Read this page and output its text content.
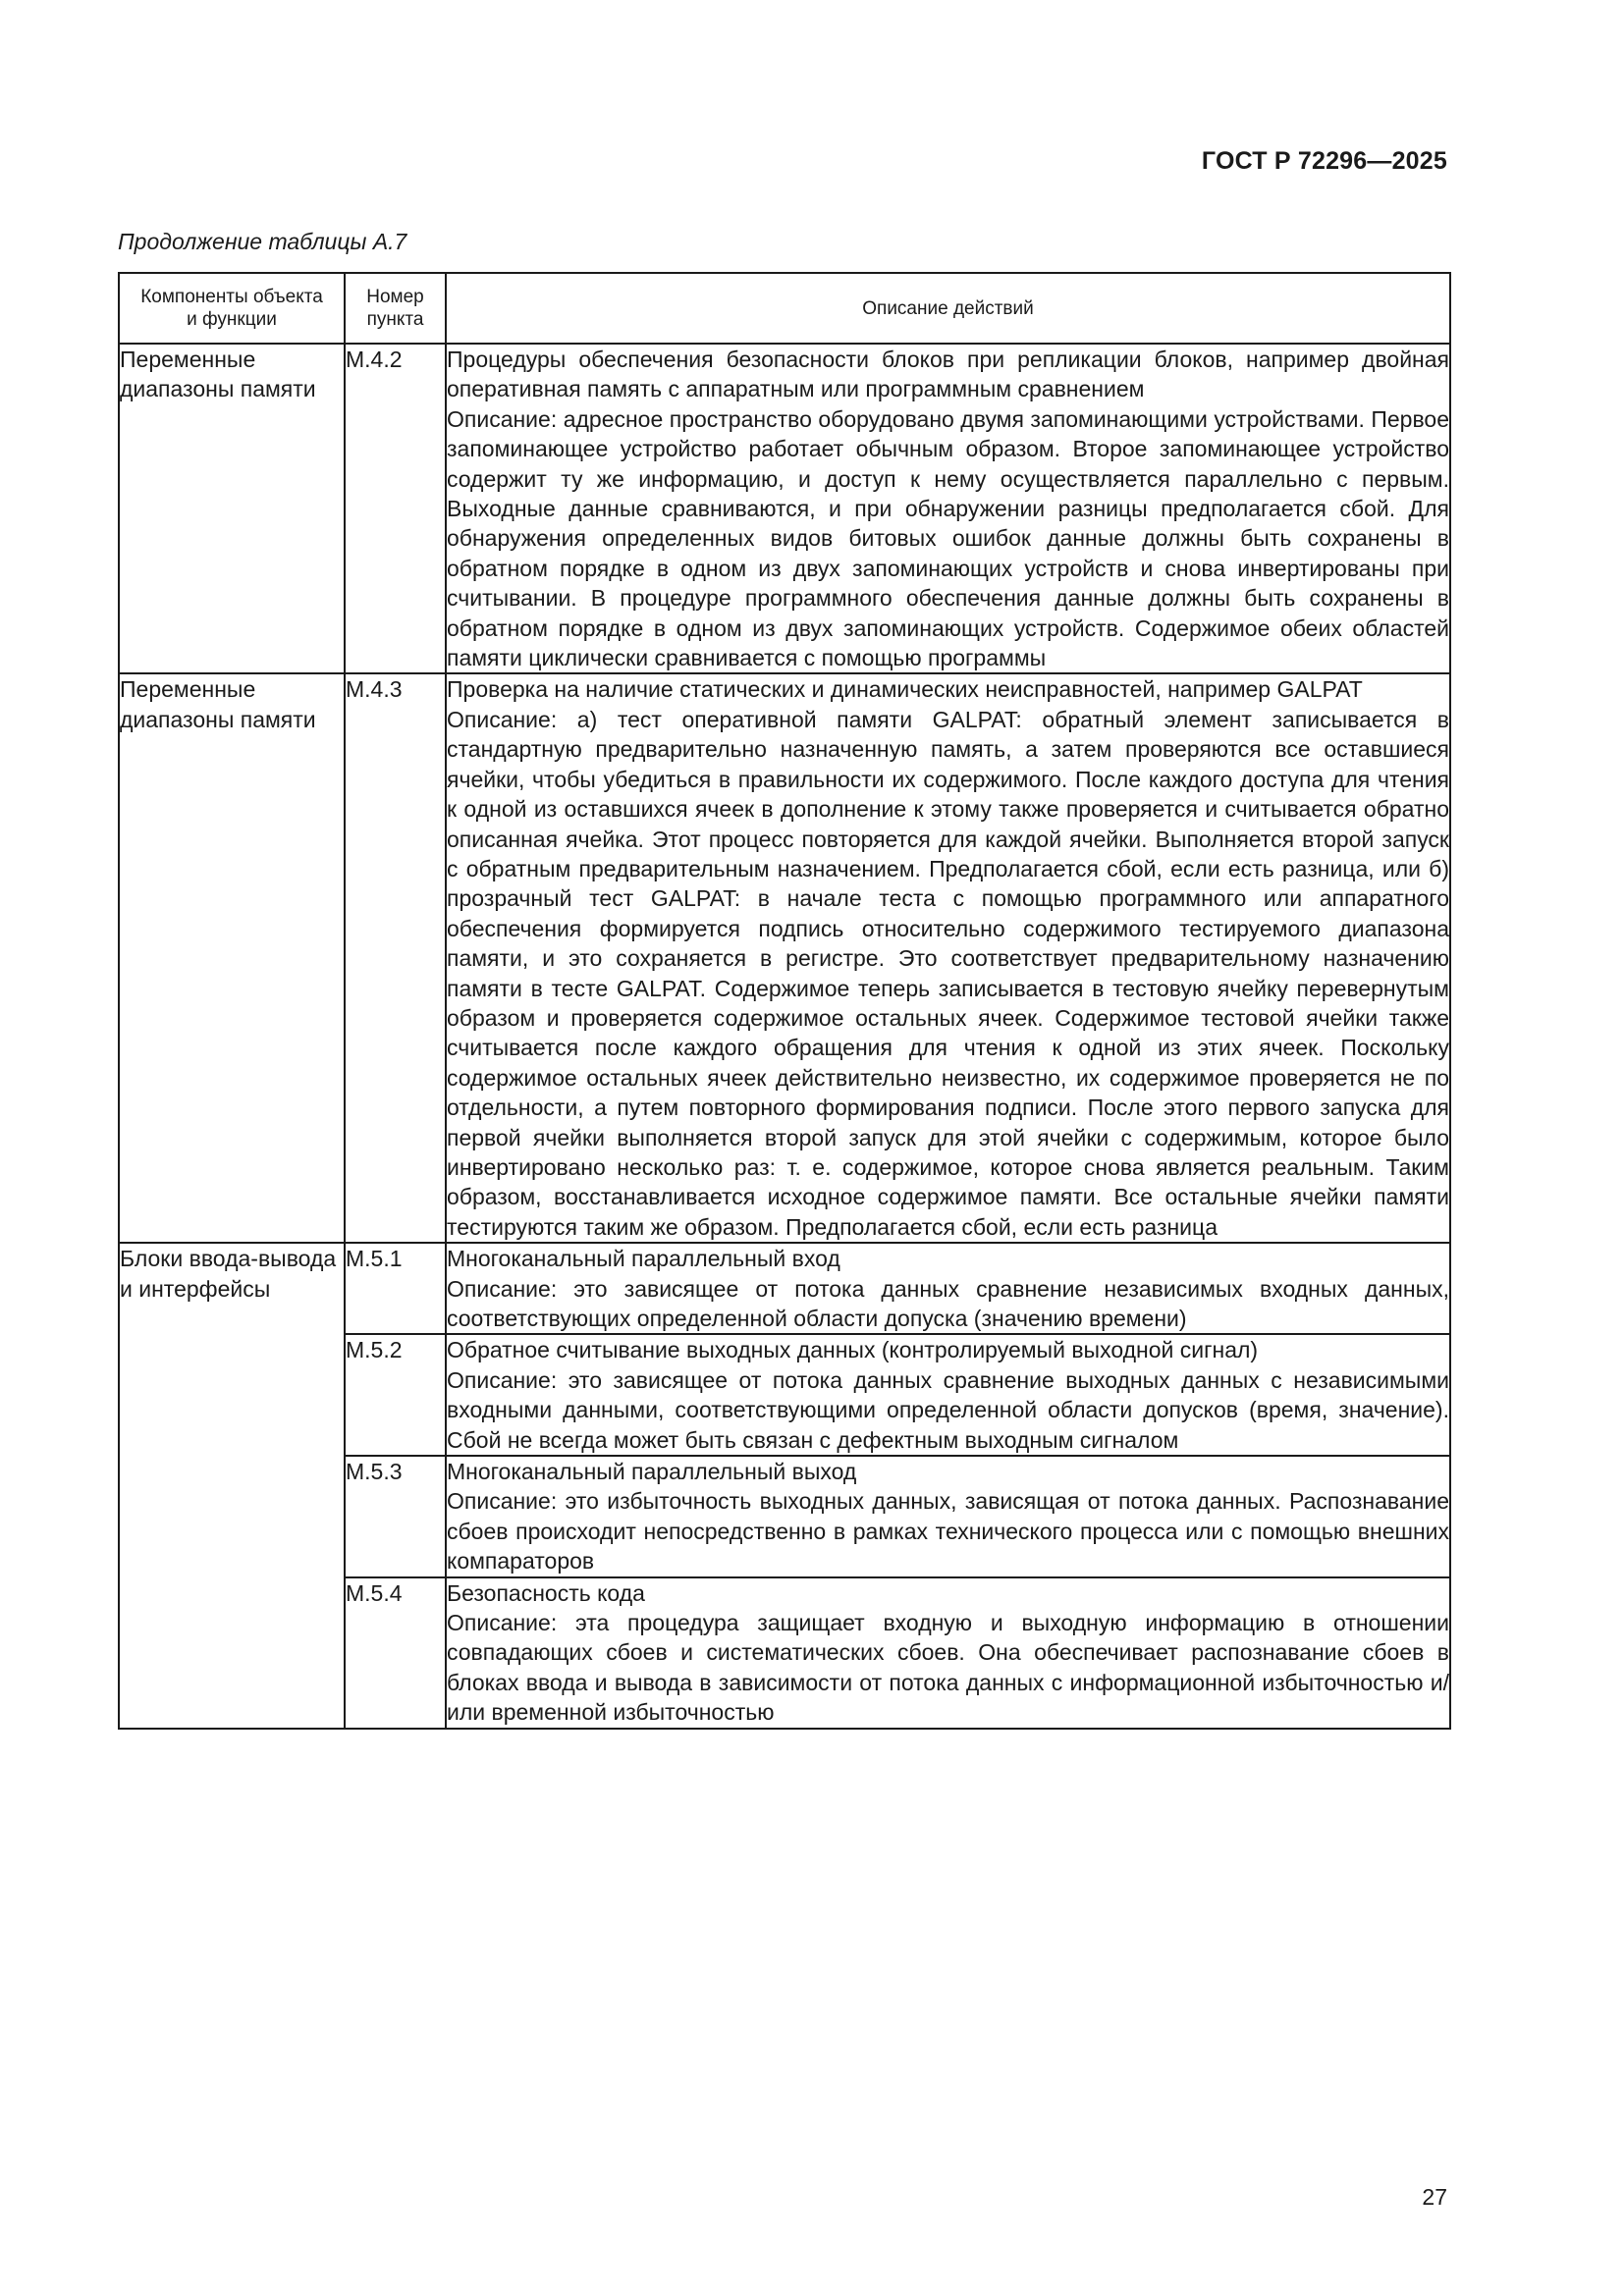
ГОСТ Р 72296—2025
Продолжение таблицы А.7
Компоненты объекта и функции	Номер пункта	Описание действий
Переменные диапазоны памяти	М.4.2	Процедуры обеспечения безопасности блоков при репликации блоков, например двойная оперативная память с аппаратным или программным сравнением

Описание: адресное пространство оборудовано двумя запоминающими устройствами. Первое запоминающее устройство работает обычным образом. Второе запоминающее устройство содержит ту же информацию, и доступ к нему осуществляется параллельно с первым. Выходные данные сравниваются, и при обнаружении разницы предполагается сбой. Для обнаружения определенных видов битовых ошибок данные должны быть сохранены в обратном порядке в одном из двух запоминающих устройств и снова инвертированы при считывании. В процедуре программного обеспечения данные должны быть сохранены в обратном порядке в одном из двух запоминающих устройств. Содержимое обеих областей памяти циклически сравнивается с помощью программы

Переменные диапазоны памяти	М.4.3	Проверка на наличие статических и динамических неисправностей, например GALPAT

Описание: а) тест оперативной памяти GALPAT: обратный элемент записывается в стандартную предварительно назначенную память, а затем проверяются все оставшиеся ячейки, чтобы убедиться в правильности их содержимого. После каждого доступа для чтения к одной из оставшихся ячеек в дополнение к этому также проверяется и считывается обратно описанная ячейка. Этот процесс повторяется для каждой ячейки. Выполняется второй запуск с обратным предварительным назначением. Предполагается сбой, если есть разница, или б) прозрачный тест GALPAT: в начале теста с помощью программного или аппаратного обеспечения формируется подпись относительно содержимого тестируемого диапазона памяти, и это сохраняется в регистре. Это соответствует предварительному назначению памяти в тесте GALPAT. Содержимое теперь записывается в тестовую ячейку перевернутым образом и проверяется содержимое остальных ячеек. Содержимое тестовой ячейки также считывается после каждого обращения для чтения к одной из этих ячеек. Поскольку содержимое остальных ячеек действительно неизвестно, их содержимое проверяется не по отдельности, а путем повторного формирования подписи. После этого первого запуска для первой ячейки выполняется второй запуск для этой ячейки с содержимым, которое было инвертировано несколько раз: т. е. содержимое, которое снова является реальным. Таким образом, восстанавливается исходное содержимое памяти. Все остальные ячейки памяти тестируются таким же образом. Предполагается сбой, если есть разница

Блоки ввода-вывода и интерфейсы	М.5.1	Многоканальный параллельный вход

Описание: это зависящее от потока данных сравнение независимых входных данных, соответствующих определенной области допуска (значению времени)

	М.5.2	Обратное считывание выходных данных (контролируемый выходной сигнал)

Описание: это зависящее от потока данных сравнение выходных данных с независимыми входными данными, соответствующими определенной области допусков (время, значение). Сбой не всегда может быть связан с дефектным выходным сигналом

	М.5.3	Многоканальный параллельный выход

Описание: это избыточность выходных данных, зависящая от потока данных. Распознавание сбоев происходит непосредственно в рамках технического процесса или с помощью внешних компараторов

	М.5.4	Безопасность кода

Описание: эта процедура защищает входную и выходную информацию в отношении совпадающих сбоев и систематических сбоев. Она обеспечивает распознавание сбоев в блоках ввода и вывода в зависимости от потока данных с информационной избыточностью и/или временной избыточностью

27
